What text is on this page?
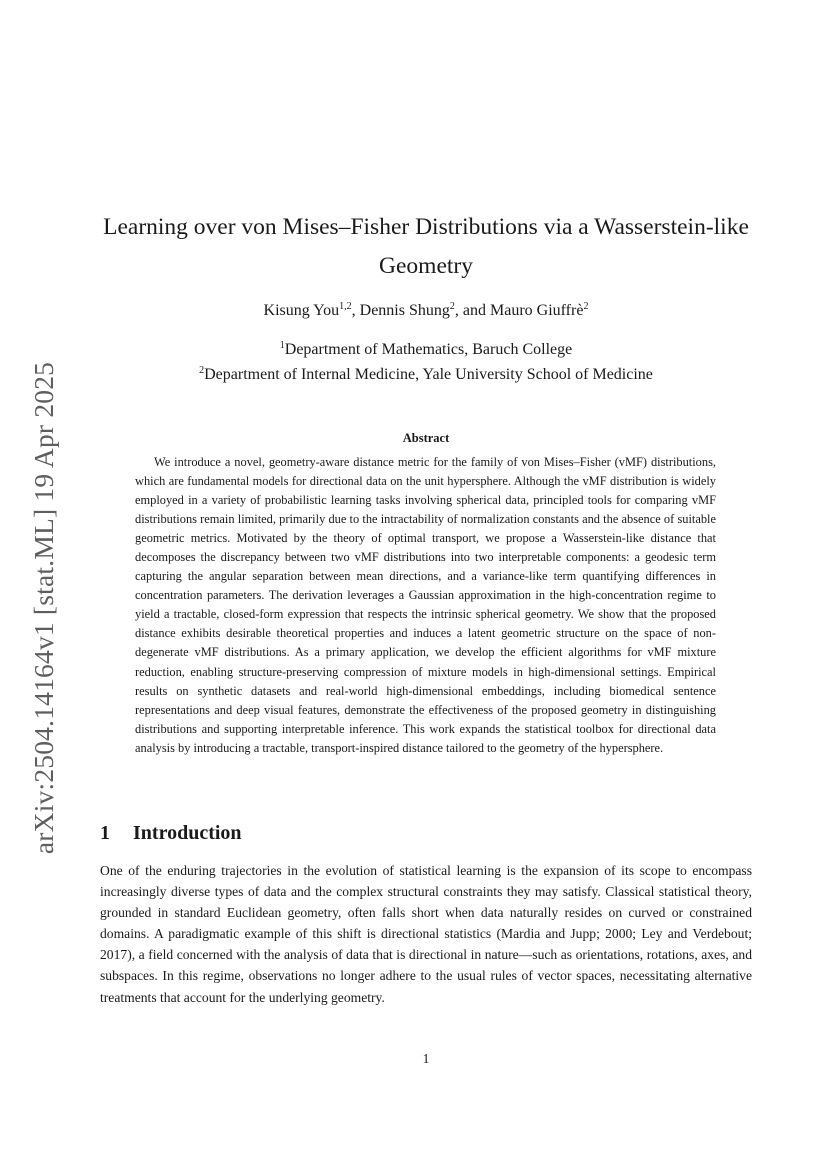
arXiv:2504.14164v1 [stat.ML] 19 Apr 2025
Learning over von Mises–Fisher Distributions via a Wasserstein-like
Geometry
Kisung You$^{1,2}$, Dennis Shung$^2$, and Mauro Giuffrè$^2$
$^1$Department of Mathematics, Baruch College
$^2$Department of Internal Medicine, Yale University School of Medicine
Abstract

We introduce a novel, geometry-aware distance metric for the family of von Mises–Fisher (vMF) distributions, which are fundamental models for directional data on the unit hypersphere. Although the vMF distribution is widely employed in a variety of probabilistic learning tasks involving spherical data, principled tools for comparing vMF distributions remain limited, primarily due to the intractability of normalization constants and the absence of suitable geometric metrics. Motivated by the theory of optimal transport, we propose a Wasserstein-like distance that decomposes the discrepancy between two vMF distributions into two interpretable components: a geodesic term capturing the angular separation between mean directions, and a variance-like term quantifying differences in concentration parameters. The derivation leverages a Gaussian approximation in the high-concentration regime to yield a tractable, closed-form expression that respects the intrinsic spherical geometry. We show that the proposed distance exhibits desirable theoretical properties and induces a latent geometric structure on the space of non-degenerate vMF distributions. As a primary application, we develop the efficient algorithms for vMF mixture reduction, enabling structure-preserving compression of mixture models in high-dimensional settings. Empirical results on synthetic datasets and real-world high-dimensional embeddings, including biomedical sentence representations and deep visual features, demonstrate the effectiveness of the proposed geometry in distinguishing distributions and supporting interpretable inference. This work expands the statistical toolbox for directional data analysis by introducing a tractable, transport-inspired distance tailored to the geometry of the hypersphere.

1 Introduction

One of the enduring trajectories in the evolution of statistical learning is the expansion of its scope to encompass increasingly diverse types of data and the complex structural constraints they may satisfy. Classical statistical theory, grounded in standard Euclidean geometry, often falls short when data naturally resides on curved or constrained domains. A paradigmatic example of this shift is directional statistics (Mardia and Jupp; 2000; Ley and Verdebout; 2017), a field concerned with the analysis of data that is directional in nature—such as orientations, rotations, axes, and subspaces. In this regime, observations no longer adhere to the usual rules of vector spaces, necessitating alternative treatments that account for the underlying geometry.

1
